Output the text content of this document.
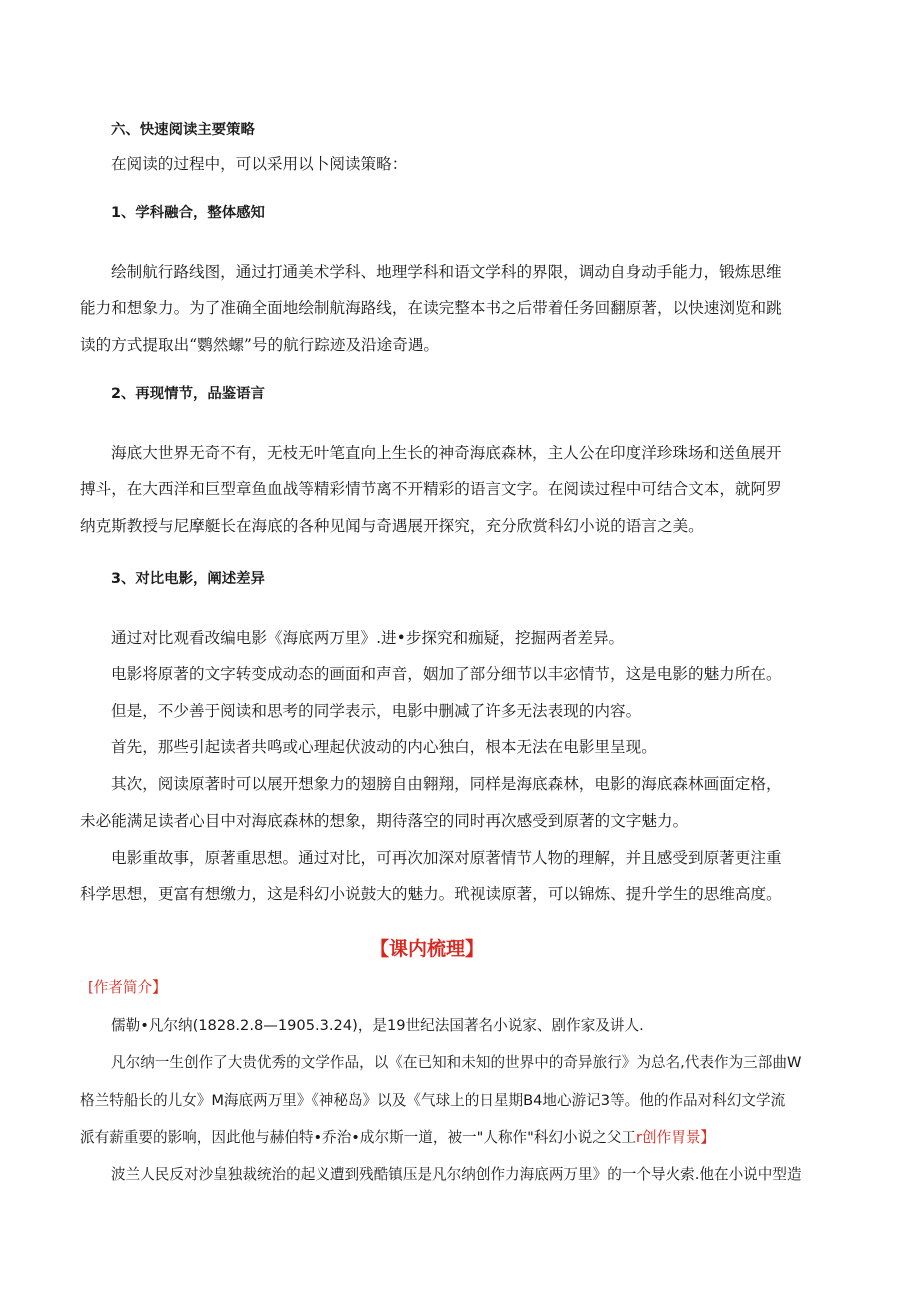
六、快速阅读主要策略

在阅读的过程中，可以采用以卜阅读策略：

1、学科融合，整体感知

绘制航行路线图，通过打通美术学科、地理学科和语文学科的界限，调动自身动手能力，锻炼思维

能力和想象力。为了准确全面地绘制航海路线，在读完整本书之后带着任务回翻原著，以快速浏览和跳

读的方式提取出“鹦然螺”号的航行踪迹及沿途奇遇。

2、再现情节，品鉴语言

海底大世界无奇不有，无枝无叶笔直向上生长的神奇海底森林，主人公在印度洋珍珠场和送鱼展开

搏斗，在大西洋和巨型章鱼血战等精彩情节离不开精彩的语言文字。在阅读过程中可结合文本，就阿罗

纳克斯教授与尼摩艇长在海底的各种见闻与奇遇展开探究，充分欣赏科幻小说的语言之美。

3、对比电影，阐述差异

通过对比观看改编电影《海底两万里》.进•步探究和痂疑，挖掘两者差异。

电影将原著的文字转变成动态的画面和声音，姻加了部分细节以丰宓情节，这是电影的魅力所在。

但是，不少善于阅读和思考的同学表示，电影中删减了许多无法表现的内容。

首先，那些引起读者共鸣或心理起伏波动的内心独白，根本无法在电影里呈现。

其次，阅读原著时可以展开想象力的翅膀自由翱翔，同样是海底森林，电影的海底森林画面定格，

未必能满足读者心目中对海底森林的想象，期待落空的同时再次感受到原著的文字魅力。

电影重故事，原著重思想。通过对比，可再次加深对原著情节人物的理解，并且感受到原著更注重

科学思想，更富有想缴力，这是科幻小说鼓大的魅力。玳视读原著，可以锦炼、提升学生的思维高度。

【课内梳理】

[作者简介】

儒勒•凡尔纳(1828.2.8—1905.3.24)，是19世纪法国著名小说家、剧作家及讲人.

凡尔纳一生创作了大贵优秀的文学作品，以《在已知和未知的世界中的奇异旅行》为总名,代表作为三部曲W

格兰特船长的儿女》M海底两万里》《神秘岛》以及《气球上的日星期B4地心游记3等。他的作品对科幻文学流

派有薪重要的影响，因此他与赫伯特•乔治•成尔斯一道，被一"人称作"科幻小说之父工r创作胃景】

波兰人民反对沙皇独裁统治的起义遭到残酷镇压是凡尔纳创作力海底两万里》的一个导火索.他在小说中型造
